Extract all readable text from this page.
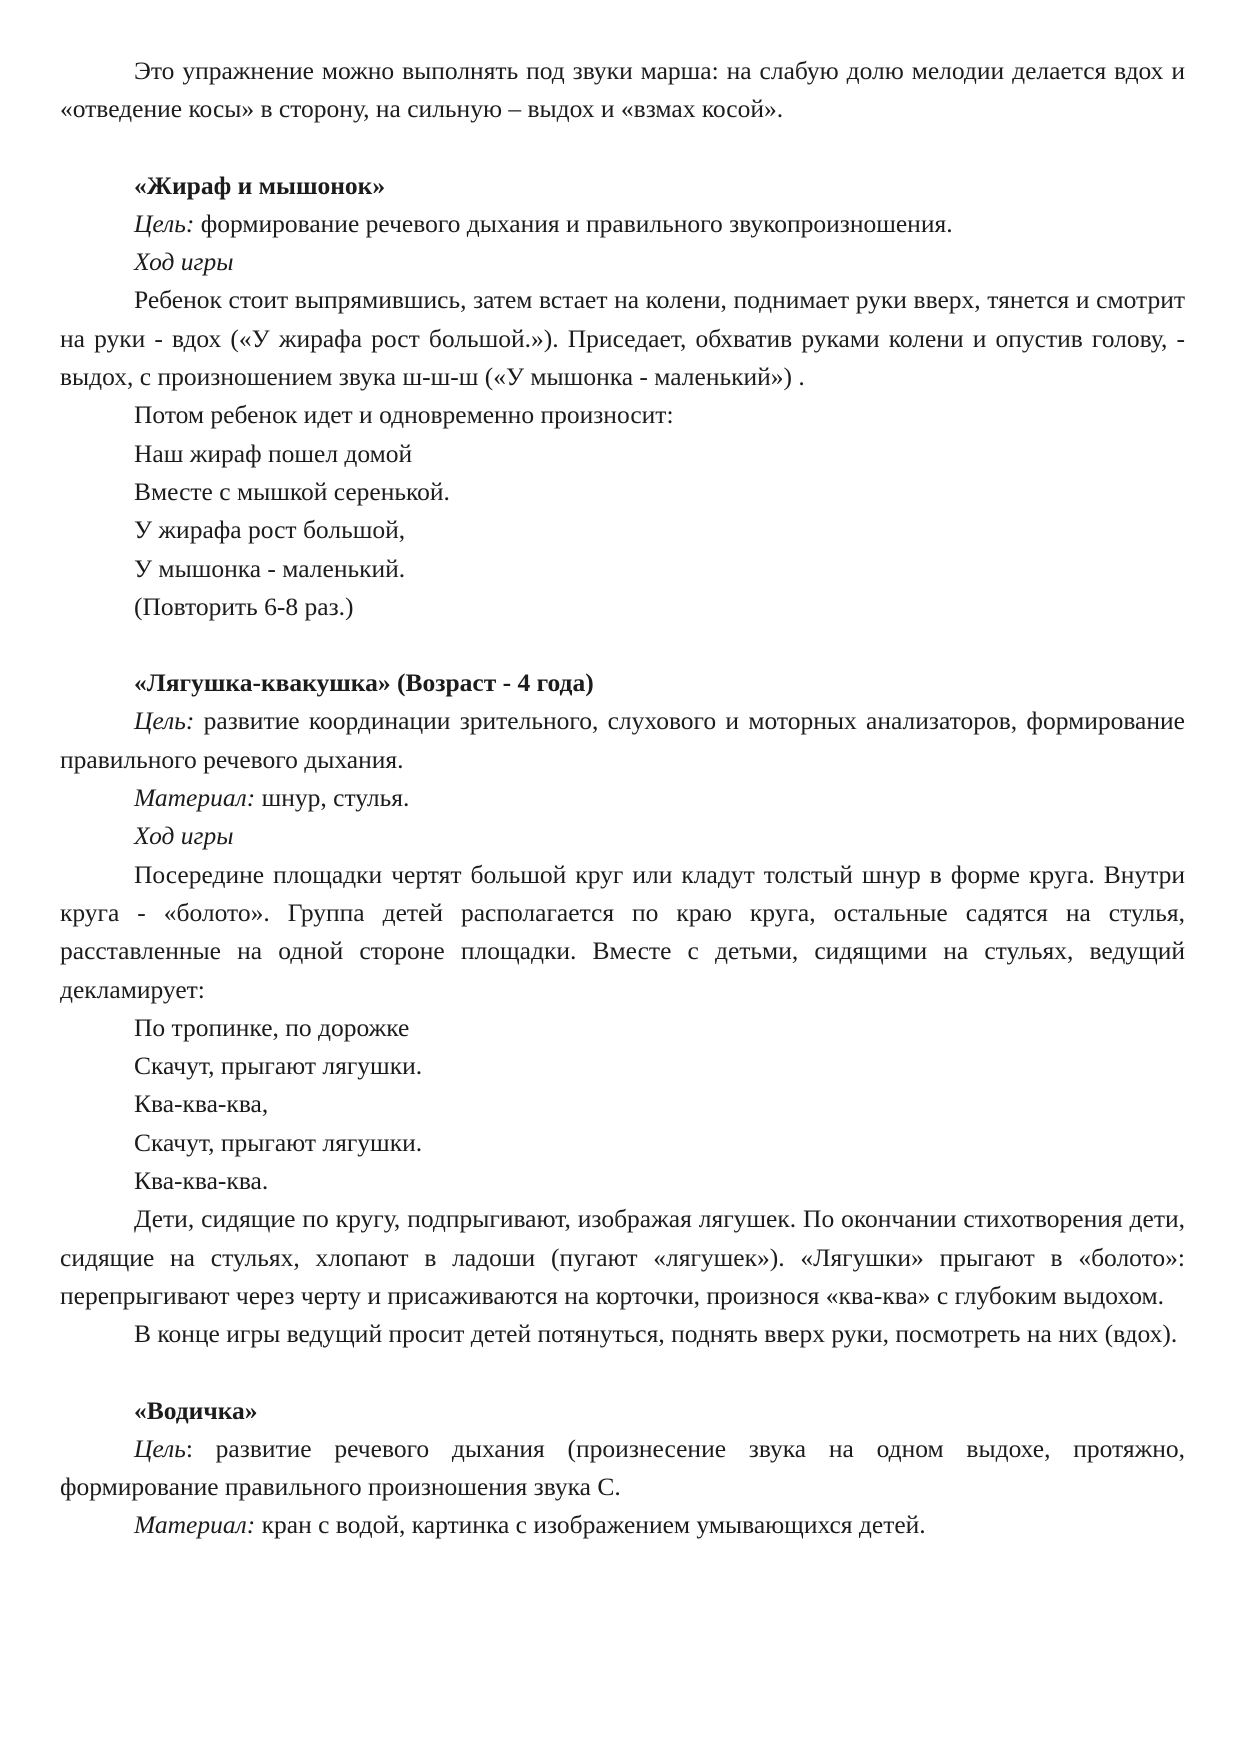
Это упражнение можно выполнять под звуки марша: на слабую долю мелодии делается вдох и «отведение косы» в сторону, на сильную – выдох и «взмах косой».

«Жираф и мышонок»

Цель: формирование речевого дыхания и правильного звукопроизношения.

Ход игры

Ребенок стоит выпрямившись, затем встает на колени, поднимает руки вверх, тянется и смотрит на руки - вдох («У жирафа рост большой.»). Приседает, обхватив руками колени и опустив голову, - выдох, с произношением звука ш-ш-ш («У мышонка - маленький») .

Потом ребенок идет и одновременно произносит:

Наш жираф пошел домой

Вместе с мышкой серенькой.

У жирафа рост большой,

У мышонка - маленький.

(Повторить 6-8 раз.)

«Лягушка-квакушка» (Возраст - 4 года)

Цель: развитие координации зрительного, слухового и моторных анализаторов, формирование правильного речевого дыхания.

Материал: шнур, стулья.

Ход игры

Посередине площадки чертят большой круг или кладут толстый шнур в форме круга. Внутри круга - «болото». Группа детей располагается по краю круга, остальные садятся на стулья, расставленные на одной стороне площадки. Вместе с детьми, сидящими на стульях, ведущий декламирует:

По тропинке, по дорожке

Скачут, прыгают лягушки.

Ква-ква-ква,

Скачут, прыгают лягушки.

Ква-ква-ква.

Дети, сидящие по кругу, подпрыгивают, изображая лягушек. По окончании стихотворения дети, сидящие на стульях, хлопают в ладоши (пугают «лягушек»). «Лягушки» прыгают в «болото»: перепрыгивают через черту и присаживаются на корточки, произнося «ква-ква» с глубоким выдохом.

В конце игры ведущий просит детей потянуться, поднять вверх руки, посмотреть на них (вдох).

«Водичка»

Цель: развитие речевого дыхания (произнесение звука на одном выдохе, протяжно, формирование правильного произношения звука С.

Материал: кран с водой, картинка с изображением умывающихся детей.
